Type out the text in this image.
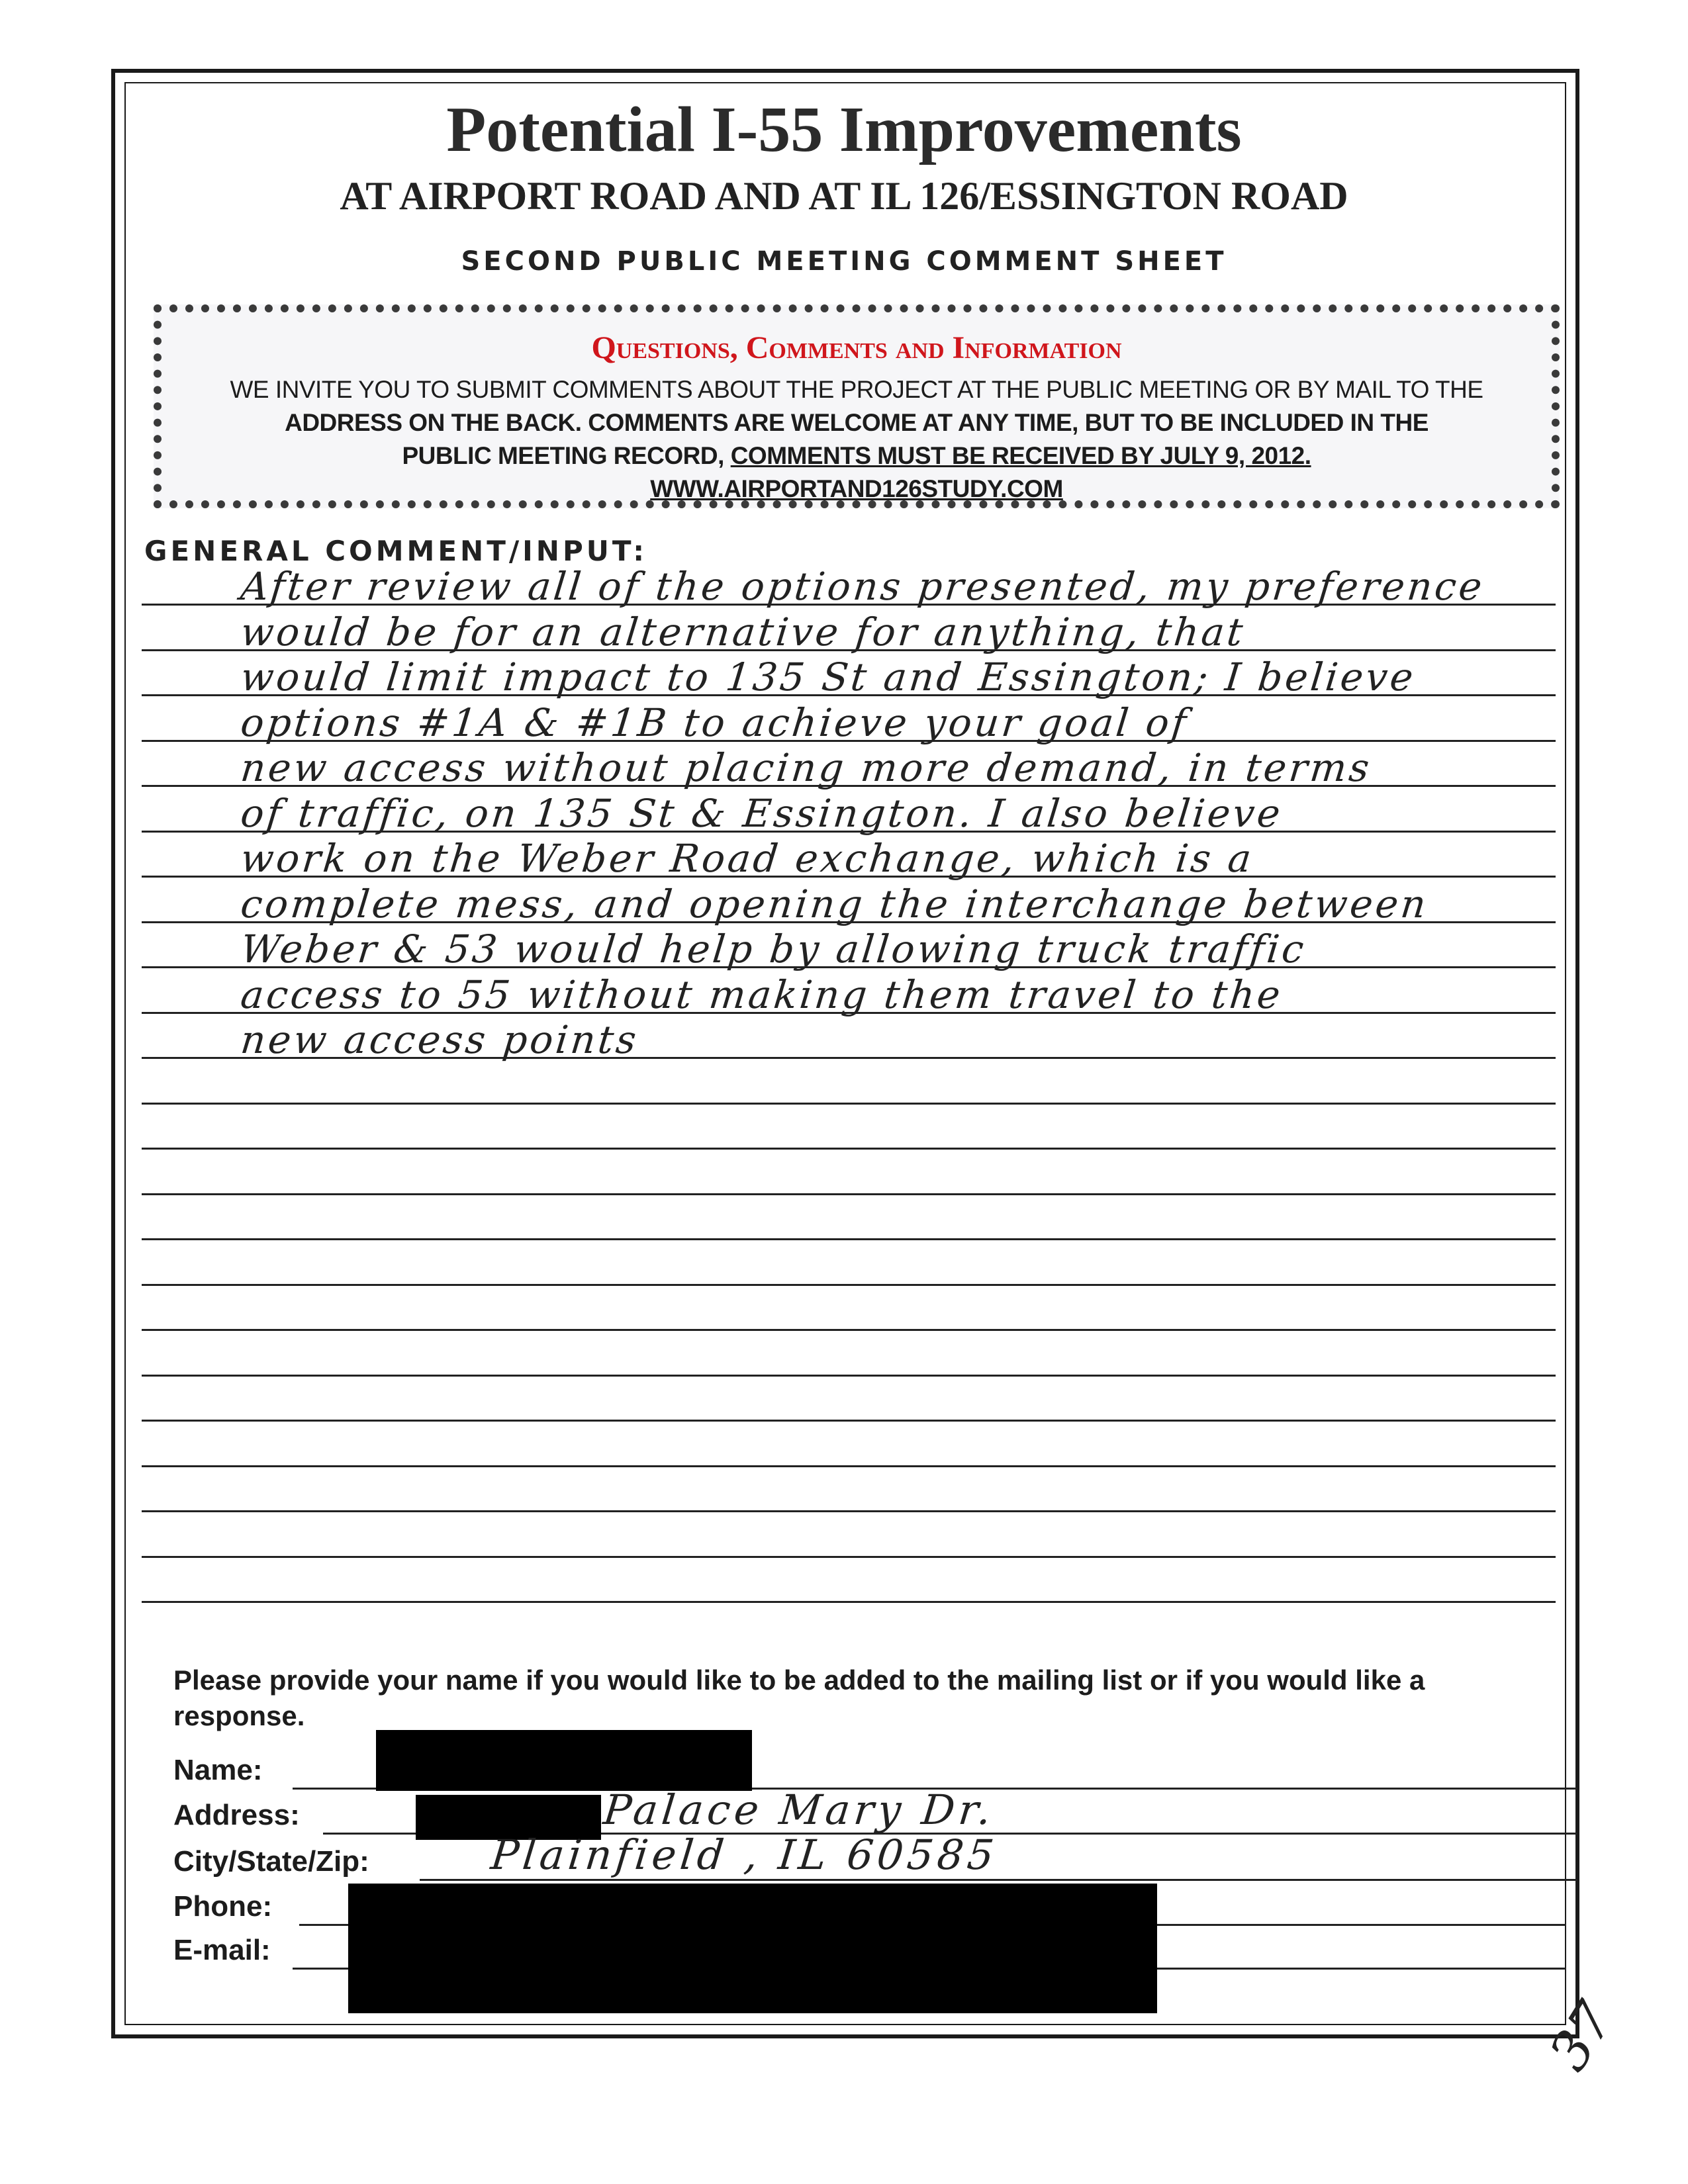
Potential I-55 Improvements
AT AIRPORT ROAD AND AT IL 126/ESSINGTON ROAD
SECOND PUBLIC MEETING COMMENT SHEET
Questions, Comments and Information
WE INVITE YOU TO SUBMIT COMMENTS ABOUT THE PROJECT AT THE PUBLIC MEETING OR BY MAIL TO THE
ADDRESS ON THE BACK. COMMENTS ARE WELCOME AT ANY TIME, BUT TO BE INCLUDED IN THE
PUBLIC MEETING RECORD, COMMENTS MUST BE RECEIVED BY JULY 9, 2012.
WWW.AIRPORTAND126STUDY.COM
GENERAL COMMENT/INPUT:
After review all of the options presented, my preference
would be for an alternative for anything, that
would limit impact to 135 St and Essington; I believe
options #1A & #1B to achieve your goal of
new access without placing more demand, in terms
of traffic, on 135 St & Essington. I also believe
work on the Weber Road exchange, which is a
complete mess, and opening the interchange between
Weber & 53 would help by allowing truck traffic
access to 55 without making them travel to the
new access points
Please provide your name if you would like to be added to the mailing list or if you would like a response.
Name:
Address:	Palace Mary Dr.
City/State/Zip:	Plainfield , IL 60585
Phone:
E-mail:
37
